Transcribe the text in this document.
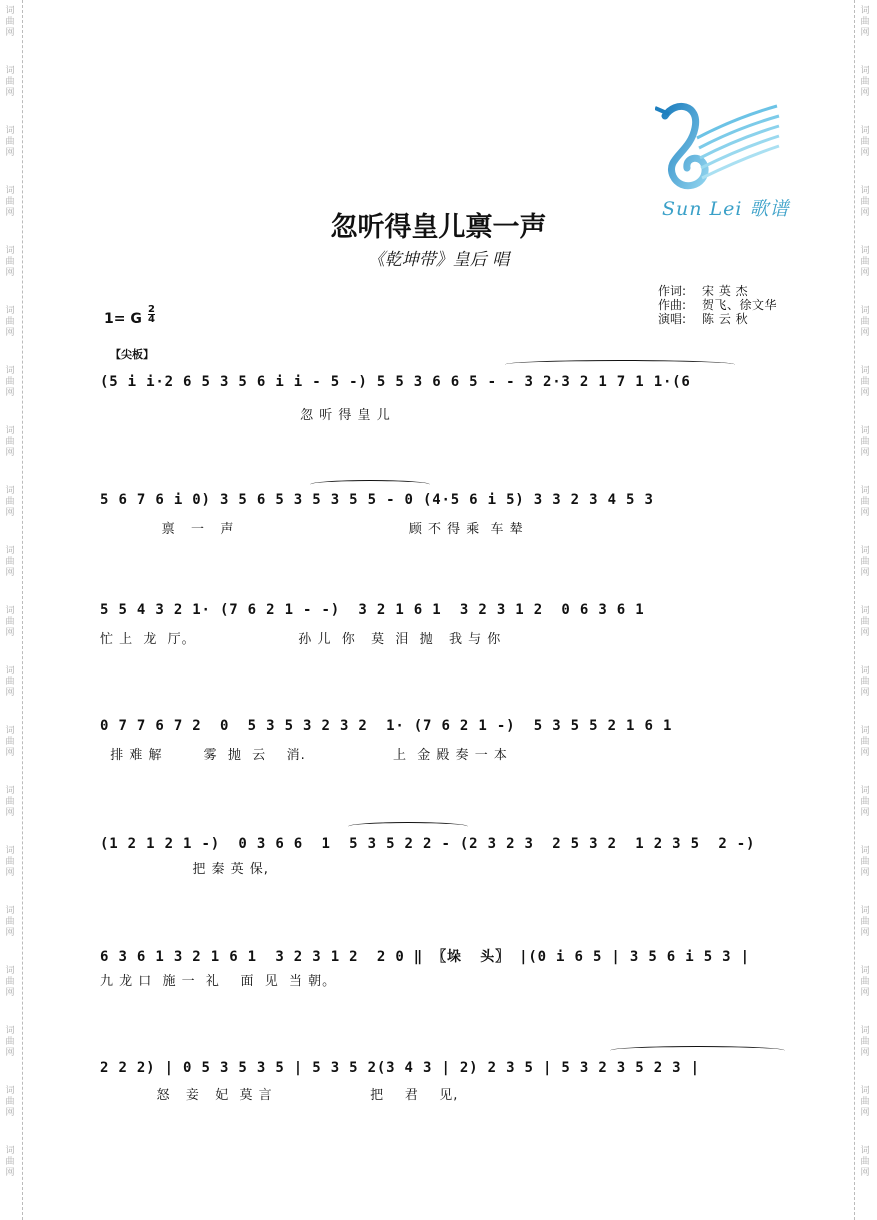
词
曲
网
词
曲
网
词
曲
网
词
曲
网
词
曲
网
词
曲
网
词
曲
网
词
曲
网
词
曲
网
词
曲
网
词
曲
网
词
曲
网
词
曲
网
词
曲
网
词
曲
网
词
曲
网
词
曲
网
词
曲
网
词
曲
网
词
曲
网
词
曲
网
词
曲
网
词
曲
网
词
曲
网
词
曲
网
词
曲
网
词
曲
网
词
曲
网
词
曲
网
词
曲
网
词
曲
网
词
曲
网
词
曲
网
词
曲
网
词
曲
网
词
曲
网
词
曲
网
词
曲
网
词
曲
网
词
曲
网
Sun Lei 歌谱
忽听得皇儿禀一声
《乾坤带》皇后 唱
作词:	宋 英 杰
作曲:	贺飞、徐文华
演唱:	陈 云 秋
1= G $\frac{2}{4}$
【尖板】
(5 i i·2 6 5 3 5 6 i i - 5 -) 5 5 3 6 6 5 - - 3 2·3 2 1 7 1 1·(6
忽 听 得 皇 儿
5 6 7 6 i 0) 3 5 6 5 3 5 3 5 5 - 0 (4·5 6 i 5) 3 3 2 3 4 5 3
禀   一   声                                  顾 不 得 乘  车 辇
5 5 4 3 2 1· (7 6 2 1 - -)  3 2 1 6 1  3 2 3 1 2  0 6 3 6 1
忙 上  龙  厅。                    孙 儿  你   莫  泪  抛   我 与 你
0 7 7 6 7 2  0  5 3 5 3 2 3 2  1· (7 6 2 1 -)  5 3 5 5 2 1 6 1
排 难 解        雾  抛  云    消.                 上  金 殿 奏 一 本
(1 2 1 2 1 -)  0 3 6 6  1  5 3 5 2 2 - (2 3 2 3  2 5 3 2  1 2 3 5  2 -)
把 秦 英 保,
6 3 6 1 3 2 1 6 1  3 2 3 1 2  2 0 ‖ 〖垛  头〗 |(0 i 6 5 | 3 5 6 i 5 3 |
九 龙 口  施 一  礼    面  见  当 朝。
2 2 2) | 0 5 3 5 3 5 | 5 3 5 2(3 4 3 | 2) 2 3 5 | 5 3 2 3 5 2 3 |
怒   妾   妃  莫 言                   把    君    见,
